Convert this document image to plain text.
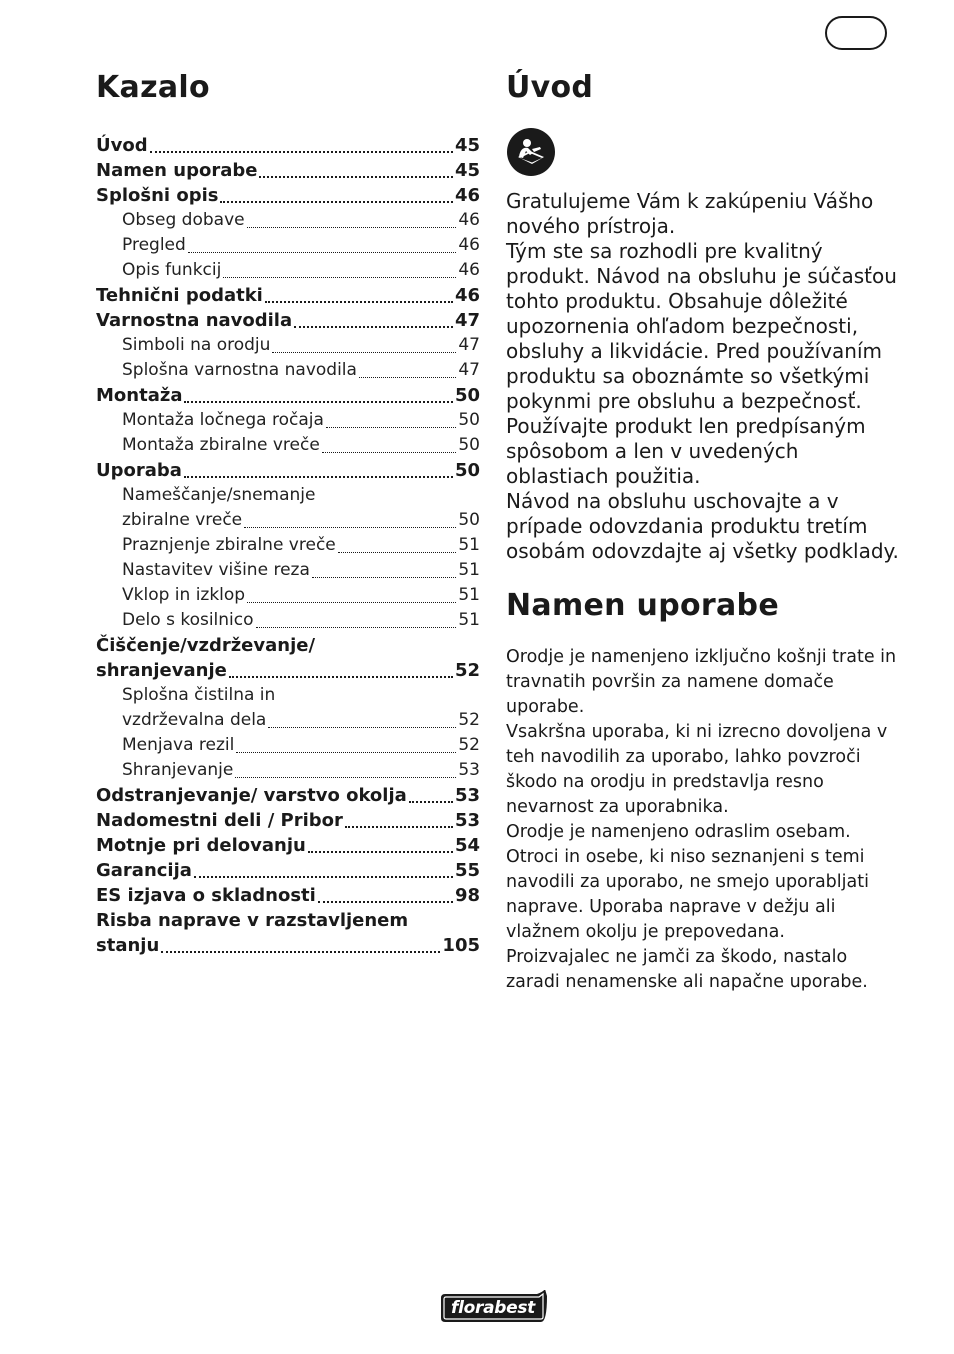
Kazalo
Úvod	45
Namen uporabe	45
Splošni opis	46
Obseg dobave	46
Pregled	46
Opis funkcij	46
Tehnični podatki	46
Varnostna navodila	47
Simboli na orodju	47
Splošna varnostna navodila	47
Montaža	50
Montaža ločnega ročaja	50
Montaža zbiralne vreče	50
Uporaba	50
Nameščanje/snemanje
zbiralne vreče	50
Praznjenje zbiralne vreče	51
Nastavitev višine reza	51
Vklop in izklop	51
Delo s kosilnico	51
Čiščenje/vzdrževanje/
shranjevanje	52
Splošna čistilna in
vzdrževalna dela	52
Menjava rezil	52
Shranjevanje	53
Odstranjevanje/ varstvo okolja	53
Nadomestni deli / Pribor	53
Motnje pri delovanju	54
Garancija	55
ES izjava o skladnosti	98
Risba naprave v razstavljenem
stanju	105
Úvod

Gratulujeme Vám k zakúpeniu Vášho nového prístroja.

Tým ste sa rozhodli pre kvalitný produkt. Návod na obsluhu je súčasťou tohto produktu. Obsahuje dôležité upozornenia ohľadom bezpečnosti, obsluhy a likvidácie. Pred používaním produktu sa oboznámte so všetkými pokynmi pre obsluhu a bezpečnosť. Používajte produkt len predpísaným spôsobom a len v uvedených oblastiach použitia.

Návod na obsluhu uschovajte a v prípade odovzdania produktu tretím osobám odovzdajte aj všetky podklady.

Namen uporabe

Orodje je namenjeno izključno košnji trate in travnatih površin za namene domače uporabe.

Vsakršna uporaba, ki ni izrecno dovoljena v teh navodilih za uporabo, lahko povzroči škodo na orodju in predstavlja resno nevarnost za uporabnika.

Orodje je namenjeno odraslim osebam. Otroci in osebe, ki niso seznanjeni s temi navodili za uporabo, ne smejo uporabljati naprave. Uporaba naprave v dežju ali vlažnem okolju je prepovedana.

Proizvajalec ne jamči za škodo, nastalo zaradi nenamenske ali napačne uporabe.

florabest
